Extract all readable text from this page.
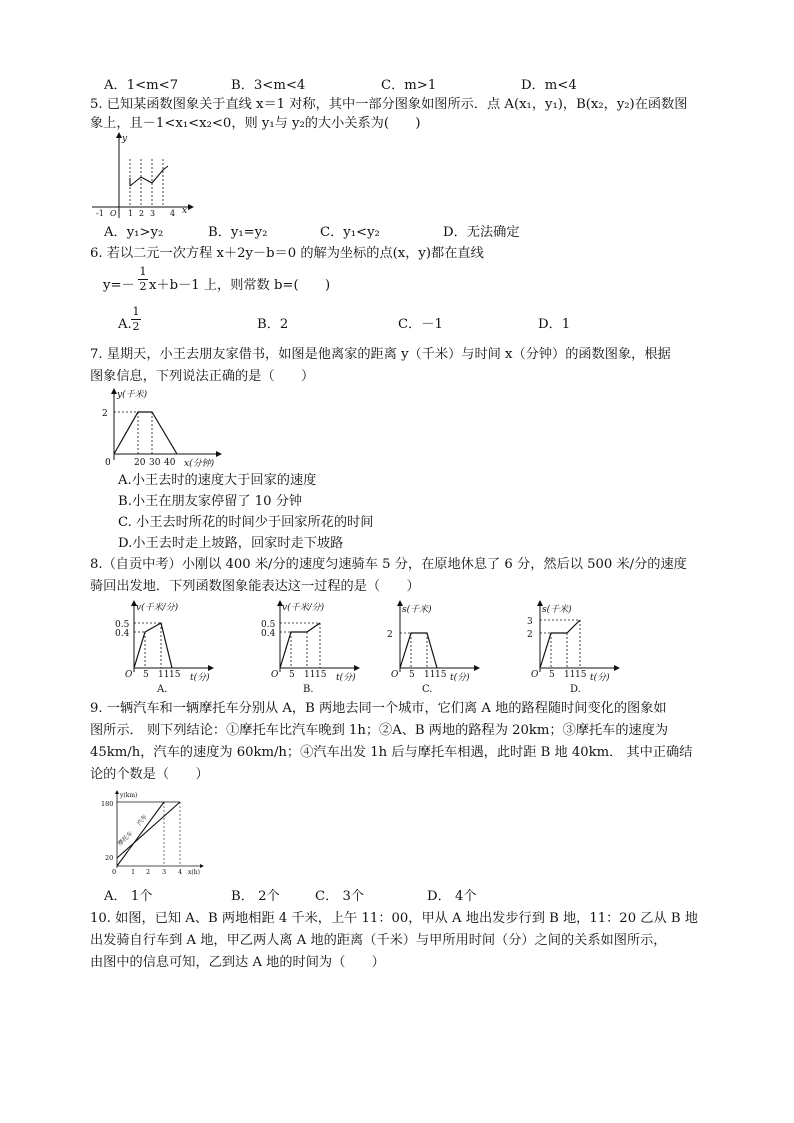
A．1<m<7	B．3<m<4	C．m>1	D．m<4
5. 已知某函数图象关于直线 x＝1 对称，其中一部分图象如图所示．点 A(x₁，y₁)，B(x₂，y₂)在函数图
象上，且－1<x₁<x₂<0，则 y₁与 y₂的大小关系为(　　)
y
x
-1 O 1 2 3 4
A．y₁>y₂	B．y₁=y₂	C．y₁<y₂	D．无法确定
6. 若以二元一次方程 x＋2y－b＝0 的解为坐标的点(x，y)都在直线
y=－
1
2 x＋b－1 上，则常数 b=(　　)
A.
1
2	B．2	C．－1	D．1
7. 星期天，小王去朋友家借书，如图是他离家的距离 y（千米）与时间 x（分钟）的函数图象，根据
图象信息，下列说法正确的是（　　）
y(千米)
2
0	20 30 40 x(分钟)
A.小王去时的速度大于回家的速度
B.小王在朋友家停留了 10 分钟
C. 小王去时所花的时间少于回家所花的时间
D.小王去时走上坡路，回家时走下坡路
8.（自贡中考）小刚以 400 米/分的速度匀速骑车 5 分，在原地休息了 6 分，然后以 500 米/分的速度
骑回出发地．下列函数图象能表达这一过程的是（　　）
v(千米/分)
0.5
0.4
O 5 11 15 t(分)
A.
v(千米/分)
0.5
0.4
O 5 11 15 t(分)
B.
s(千米)
2
O 5 11 15 t(分)
C.
s(千米)
3
2
O 5 11 15 t(分)
D.
9. 一辆汽车和一辆摩托车分别从 A，B 两地去同一个城市，它们离 A 地的路程随时间变化的图象如
图所示． 则下列结论：①摩托车比汽车晚到 1h；②A、B 两地的路程为 20km；③摩托车的速度为
45km/h，汽车的速度为 60km/h；④汽车出发 1h 后与摩托车相遇，此时距 B 地 40km． 其中正确结
论的个数是（　　）
y(km)
180
20
摩托车
汽车
0 1 2 3 4 x(h)
A． 1个	B． 2个	C． 3个	D． 4个
10. 如图，已知 A、B 两地相距 4 千米，上午 11：00，甲从 A 地出发步行到 B 地，11：20 乙从 B 地
出发骑自行车到 A 地，甲乙两人离 A 地的距离（千米）与甲所用时间（分）之间的关系如图所示，
由图中的信息可知，乙到达 A 地的时间为（　　）
